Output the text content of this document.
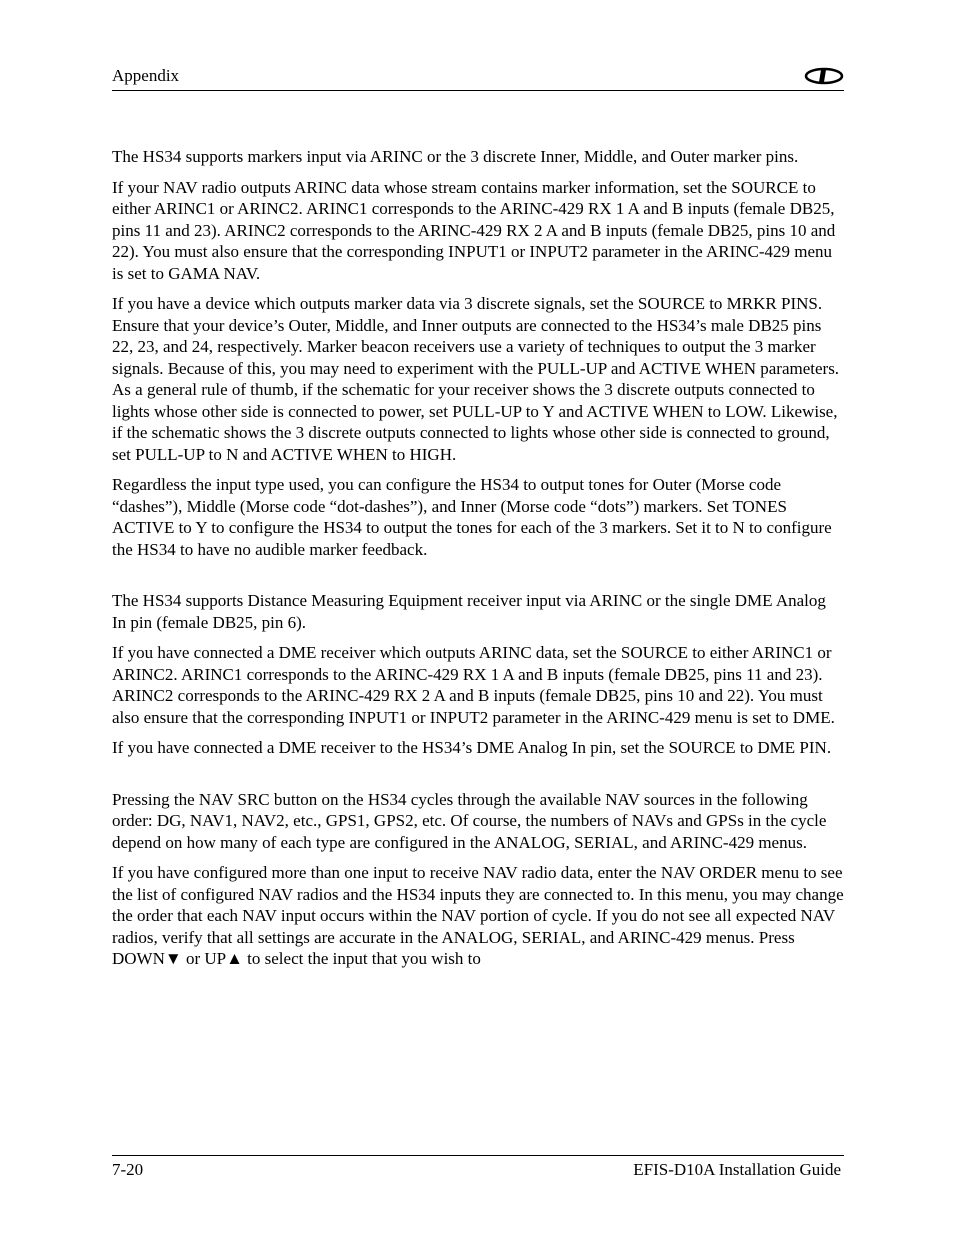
Appendix

The HS34 supports markers input via ARINC or the 3 discrete Inner, Middle, and Outer marker pins.

If your NAV radio outputs ARINC data whose stream contains marker information, set the SOURCE to either ARINC1 or ARINC2. ARINC1 corresponds to the ARINC-429 RX 1 A and B inputs (female DB25, pins 11 and 23). ARINC2 corresponds to the ARINC-429 RX 2 A and B inputs (female DB25, pins 10 and 22). You must also ensure that the corresponding INPUT1 or INPUT2 parameter in the ARINC-429 menu is set to GAMA NAV.

If you have a device which outputs marker data via 3 discrete signals, set the SOURCE to MRKR PINS. Ensure that your device’s Outer, Middle, and Inner outputs are connected to the HS34’s male DB25 pins 22, 23, and 24, respectively. Marker beacon receivers use a variety of techniques to output the 3 marker signals. Because of this, you may need to experiment with the PULL-UP and ACTIVE WHEN parameters. As a general rule of thumb, if the schematic for your receiver shows the 3 discrete outputs connected to lights whose other side is connected to power, set PULL-UP to Y and ACTIVE WHEN to LOW. Likewise, if the schematic shows the 3 discrete outputs connected to lights whose other side is connected to ground, set PULL-UP to N and ACTIVE WHEN to HIGH.

Regardless the input type used, you can configure the HS34 to output tones for Outer (Morse code “dashes”), Middle (Morse code “dot-dashes”), and Inner (Morse code “dots”) markers. Set TONES ACTIVE to Y to configure the HS34 to output the tones for each of the 3 markers. Set it to N to configure the HS34 to have no audible marker feedback.

The HS34 supports Distance Measuring Equipment receiver input via ARINC or the single DME Analog In pin (female DB25, pin 6).

If you have connected a DME receiver which outputs ARINC data, set the SOURCE to either ARINC1 or ARINC2. ARINC1 corresponds to the ARINC-429 RX 1 A and B inputs (female DB25, pins 11 and 23). ARINC2 corresponds to the ARINC-429 RX 2 A and B inputs (female DB25, pins 10 and 22). You must also ensure that the corresponding INPUT1 or INPUT2 parameter in the ARINC-429 menu is set to DME.

If you have connected a DME receiver to the HS34’s DME Analog In pin, set the SOURCE to DME PIN.

Pressing the NAV SRC button on the HS34 cycles through the available NAV sources in the following order: DG, NAV1, NAV2, etc., GPS1, GPS2, etc. Of course, the numbers of NAVs and GPSs in the cycle depend on how many of each type are configured in the ANALOG, SERIAL, and ARINC-429 menus.

If you have configured more than one input to receive NAV radio data, enter the NAV ORDER menu to see the list of configured NAV radios and the HS34 inputs they are connected to. In this menu, you may change the order that each NAV input occurs within the NAV portion of cycle. If you do not see all expected NAV radios, verify that all settings are accurate in the ANALOG, SERIAL, and ARINC-429 menus. Press DOWN▼ or UP▲ to select the input that you wish to

7-20	EFIS-D10A Installation Guide
